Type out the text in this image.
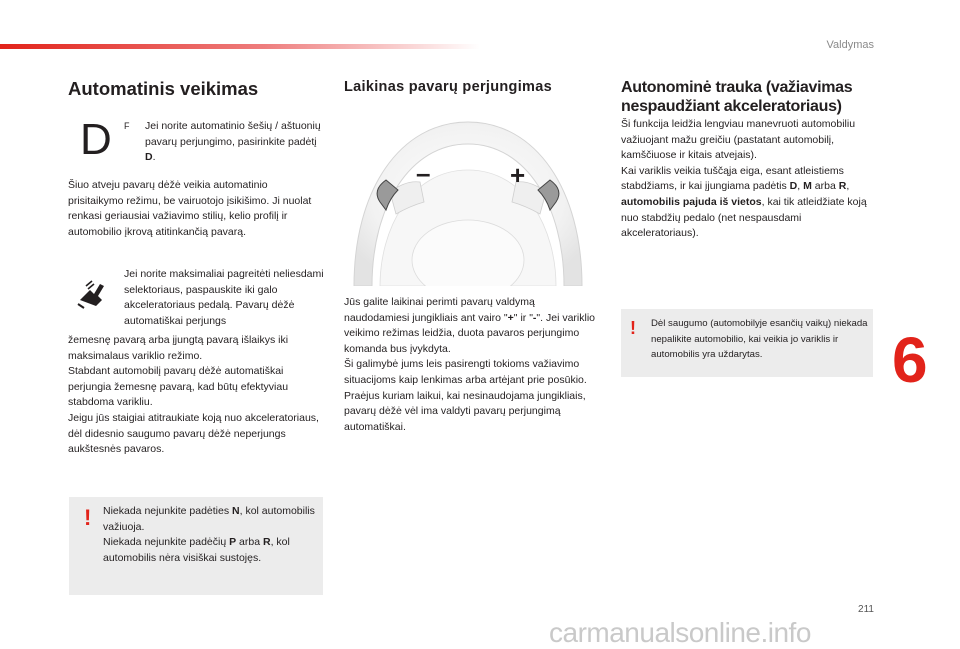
Valdymas
211
6
Automatinis veikimas
D F	Jei norite automatinio šešių / aštuonių pavarų perjungimo, pasirinkite padėtį D.
Šiuo atveju pavarų dėžė veikia automatinio prisitaikymo režimu, be vairuotojo įsikišimo. Ji nuolat renkasi geriausiai važiavimo stilių, kelio profilį ir automobilio įkrovą atitinkančią pavarą.
Jei norite maksimaliai pagreitėti neliesdami selektoriaus, paspauskite iki galo akceleratoriaus pedalą. Pavarų dėžė automatiškai perjungs
žemesnę pavarą arba įjungtą pavarą išlaikys iki maksimalaus variklio režimo.
Stabdant automobilį pavarų dėžė automatiškai perjungia žemesnę pavarą, kad būtų efektyviau stabdoma varikliu.
Jeigu jūs staigiai atitraukiate koją nuo akceleratoriaus, dėl didesnio saugumo pavarų dėžė neperjungs aukštesnės pavaros.
! Niekada nejunkite padėties N, kol automobilis važiuoja.
Niekada nejunkite padėčių P arba R, kol automobilis nėra visiškai sustojęs.
Laikinas pavarų perjungimas
–	+
Jūs galite laikinai perimti pavarų valdymą naudodamiesi jungikliais ant vairo "+" ir "-". Jei variklio veikimo režimas leidžia, duota pavaros perjungimo komanda bus įvykdyta.
Ši galimybė jums leis pasirengti tokioms važiavimo situacijoms kaip lenkimas arba artėjant prie posūkio.
Praėjus kuriam laikui, kai nesinaudojama jungikliais, pavarų dėžė vėl ima valdyti pavarų perjungimą automatiškai.
Autonominė trauka (važiavimas nespaudžiant akceleratoriaus)
Ši funkcija leidžia lengviau manevruoti automobiliu važiuojant mažu greičiu (pastatant automobilį, kamščiuose ir kitais atvejais).
Kai variklis veikia tuščąja eiga, esant atleistiems stabdžiams, ir kai įjungiama padėtis D, M arba R, automobilis pajuda iš vietos, kai tik atleidžiate koją nuo stabdžių pedalo (net nespausdami akceleratoriaus).
! Dėl saugumo (automobilyje esančių vaikų) niekada nepalikite automobilio, kai veikia jo variklis ir automobilis yra uždarytas.
carmanualsonline.info
